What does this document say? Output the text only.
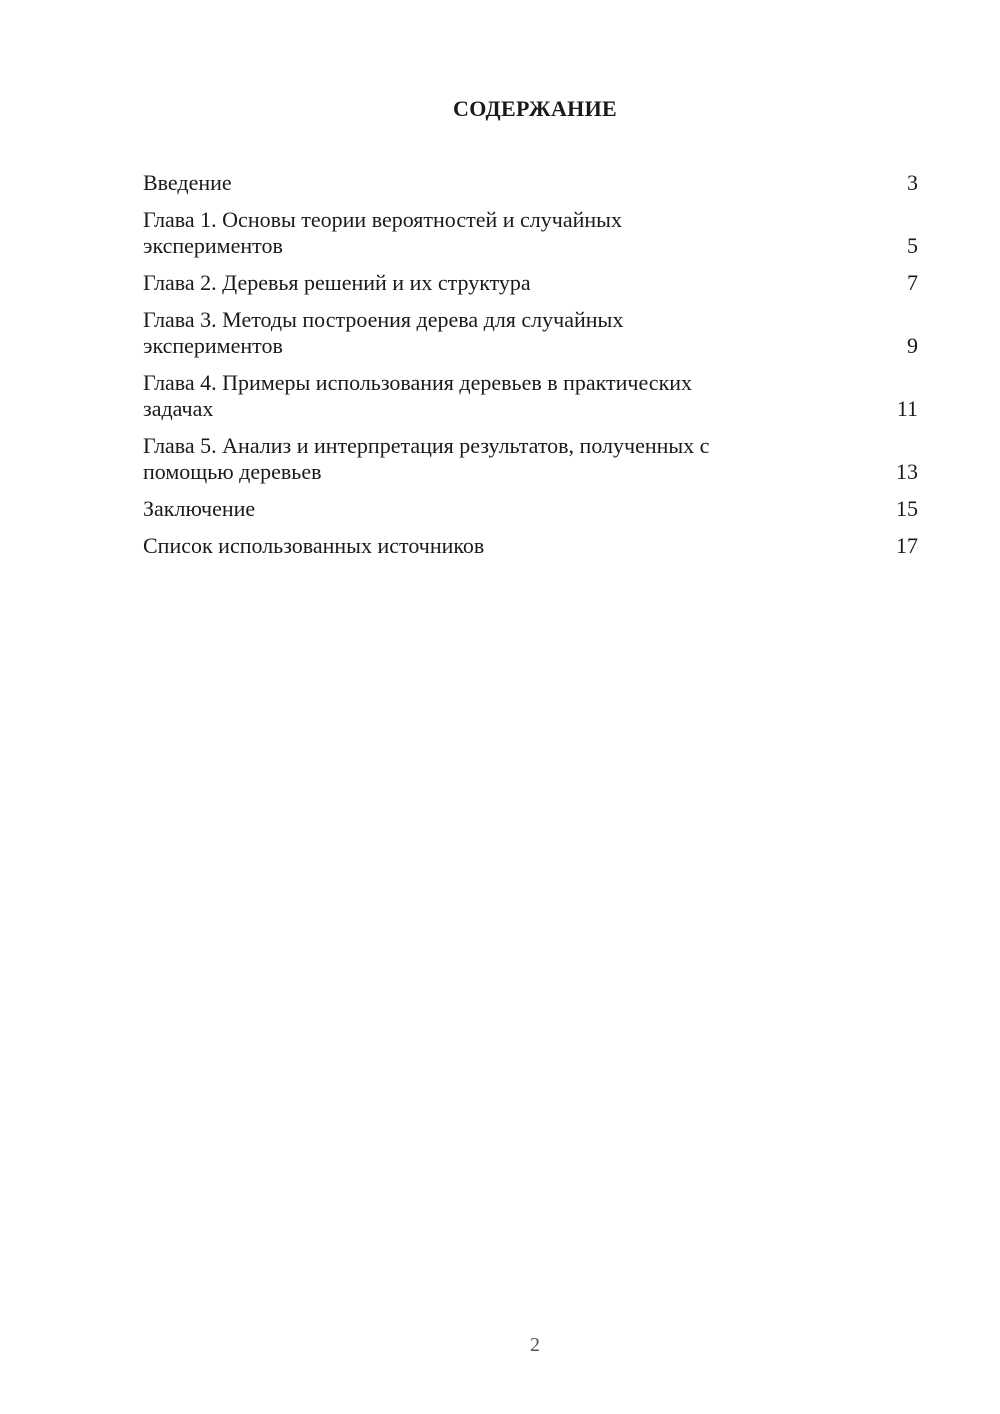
СОДЕРЖАНИЕ
Введение	3
Глава 1. Основы теории вероятностей и случайных
экспериментов	5
Глава 2. Деревья решений и их структура	7
Глава 3. Методы построения дерева для случайных
экспериментов	9
Глава 4. Примеры использования деревьев в практических
задачах	11
Глава 5. Анализ и интерпретация результатов, полученных с
помощью деревьев	13
Заключение	15
Список использованных источников	17
2
